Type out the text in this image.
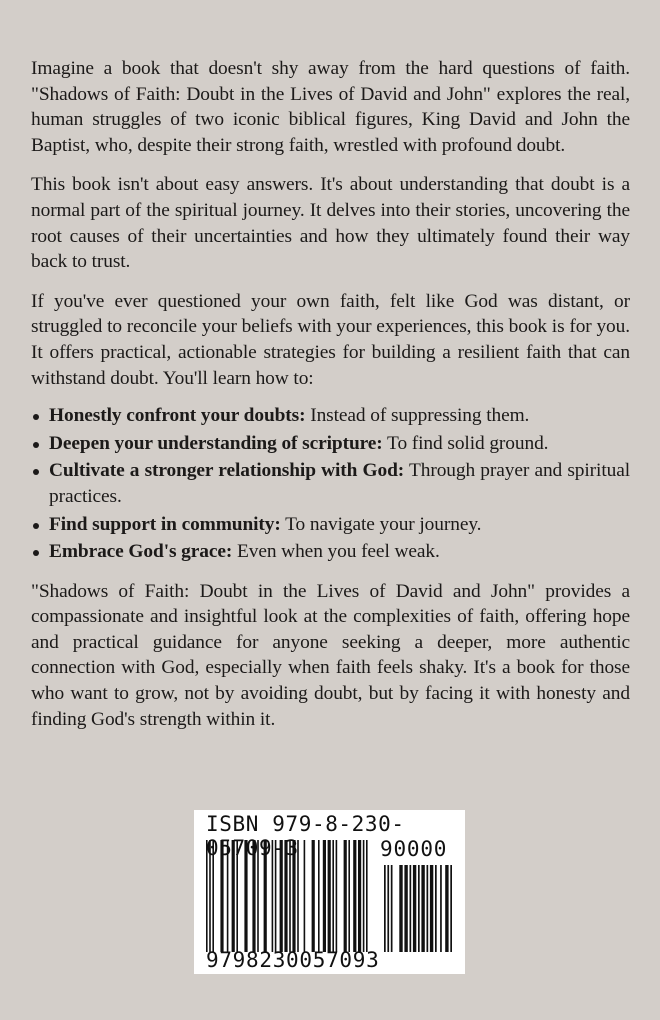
Imagine a book that doesn't shy away from the hard questions of faith. "Shadows of Faith: Doubt in the Lives of David and John" explores the real, human struggles of two iconic biblical figures, King David and John the Baptist, who, despite their strong faith, wrestled with profound doubt.

This book isn't about easy answers. It's about understanding that doubt is a normal part of the spiritual journey. It delves into their stories, uncovering the root causes of their uncertainties and how they ultimately found their way back to trust.

If you've ever questioned your own faith, felt like God was distant, or struggled to reconcile your beliefs with your experiences, this book is for you. It offers practical, actionable strategies for building a resilient faith that can withstand doubt. You'll learn how to:

Honestly confront your doubts: Instead of suppressing them.
Deepen your understanding of scripture: To find solid ground.
Cultivate a stronger relationship with God: Through prayer and spiritual practices.
Find support in community: To navigate your journey.
Embrace God's grace: Even when you feel weak.

"Shadows of Faith: Doubt in the Lives of David and John" provides a compassionate and insightful look at the complexities of faith, offering hope and practical guidance for anyone seeking a deeper, more authentic connection with God, especially when faith feels shaky. It's a book for those who want to grow, not by avoiding doubt, but by facing it with honesty and finding God's strength within it.

ISBN 979-8-230-05709-3	90000
9798230057093
